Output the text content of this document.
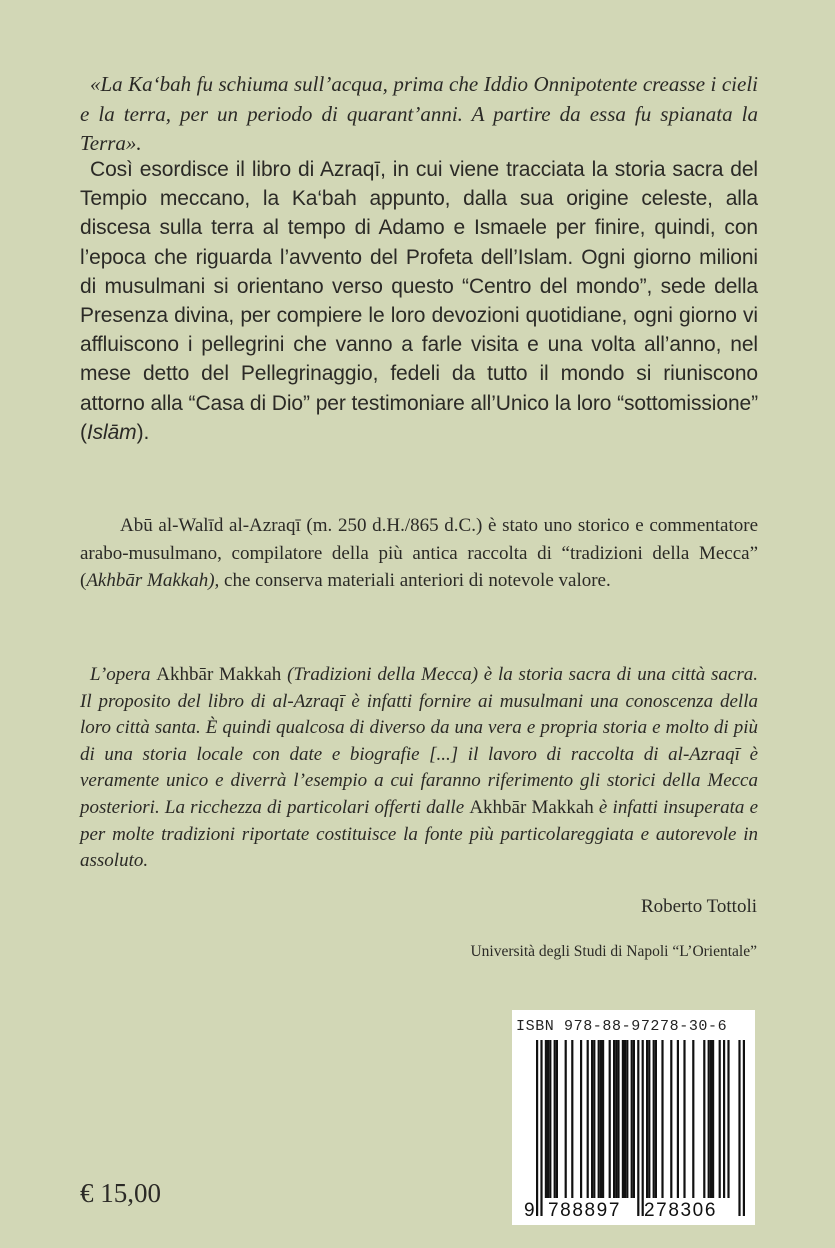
«La Ka‘bah fu schiuma sull’acqua, prima che Iddio Onnipotente creasse i cieli e la terra, per un periodo di quarant’anni. A partire da essa fu spianata la Terra».
Così esordisce il libro di Azraqī, in cui viene tracciata la storia sacra del Tempio meccano, la Ka‘bah appunto, dalla sua origine celeste, alla discesa sulla terra al tempo di Adamo e Ismaele per finire, quindi, con l’epoca che riguarda l’avvento del Profeta dell’Islam. Ogni giorno milioni di musulmani si orientano verso questo “Centro del mondo”, sede della Presenza divina, per compiere le loro devozioni quotidiane, ogni giorno vi affluiscono i pellegrini che vanno a farle visita e una volta all’anno, nel mese detto del Pellegrinaggio, fedeli da tutto il mondo si riuniscono attorno alla “Casa di Dio” per testimoniare all’Unico la loro “sottomissione” (Islām).
Abū al-Walīd al-Azraqī (m. 250 d.H./865 d.C.) è stato uno storico e commentatore arabo-musulmano, compilatore della più antica raccolta di “tradizioni della Mecca” (Akhbār Makkah), che conserva materiali anteriori di notevole valore.
L’opera Akhbār Makkah (Tradizioni della Mecca) è la storia sacra di una città sacra. Il proposito del libro di al-Azraqī è infatti fornire ai musulmani una conoscenza della loro città santa. È quindi qualcosa di diverso da una vera e propria storia e molto di più di una storia locale con date e biografie [...] il lavoro di raccolta di al-Azraqī è veramente unico e diverrà l’esempio a cui faranno riferimento gli storici della Mecca posteriori. La ricchezza di particolari offerti dalle Akhbār Makkah è infatti insuperata e per molte tradizioni riportate costituisce la fonte più particolareggiata e autorevole in assoluto.
Roberto Tottoli
Università degli Studi di Napoli “L’Orientale”
€ 15,00
ISBN 978-88-97278-30-6
9 788897 278306
